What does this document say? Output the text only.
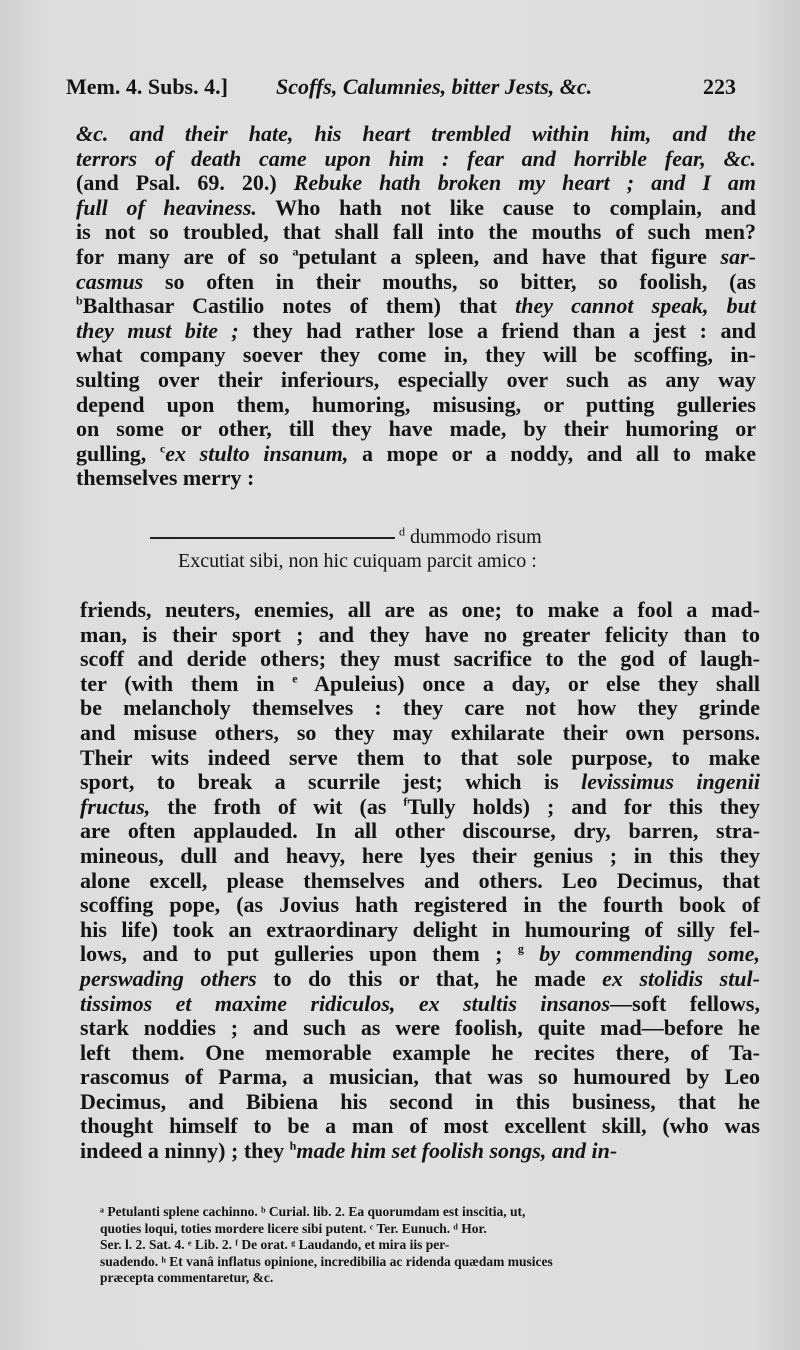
Mem. 4. Subs. 4.] Scoffs, Calumnies, bitter Jests, &c.	223
&c. and their hate, his heart trembled within him, and the
terrors of death came upon him : fear and horrible fear, &c.
(and Psal. 69. 20.) Rebuke hath broken my heart ; and I am
full of heaviness. Who hath not like cause to complain, and
is not so troubled, that shall fall into the mouths of such men?
for many are of so $^a$petulant a spleen, and have that figure sar-
casmus so often in their mouths, so bitter, so foolish, (as
$^b$Balthasar Castilio notes of them) that they cannot speak, but
they must bite ; they had rather lose a friend than a jest : and
what company soever they come in, they will be scoffing, in-
sulting over their inferiours, especially over such as any way
depend upon them, humoring, misusing, or putting gulleries
on some or other, till they have made, by their humoring or
gulling, $^c$ex stulto insanum, a mope or a noddy, and all to make
themselves merry :
$^d$ dummodo risum
Excutiat sibi, non hic cuiquam parcit amico :
friends, neuters, enemies, all are as one; to make a fool a mad-
man, is their sport ; and they have no greater felicity than to
scoff and deride others; they must sacrifice to the god of laugh-
ter (with them in $^e$ Apuleius) once a day, or else they shall
be melancholy themselves : they care not how they grinde
and misuse others, so they may exhilarate their own persons.
Their wits indeed serve them to that sole purpose, to make
sport, to break a scurrile jest; which is levissimus ingenii
fructus, the froth of wit (as $^f$Tully holds) ; and for this they
are often applauded. In all other discourse, dry, barren, stra-
mineous, dull and heavy, here lyes their genius ; in this they
alone excell, please themselves and others. Leo Decimus, that
scoffing pope, (as Jovius hath registered in the fourth book of
his life) took an extraordinary delight in humouring of silly fel-
lows, and to put gulleries upon them ; $^g$ by commending some,
perswading others to do this or that, he made ex stolidis stul-
tissimos et maxime ridiculos, ex stultis insanos—soft fellows,
stark noddies ; and such as were foolish, quite mad—before he
left them. One memorable example he recites there, of Ta-
rascomus of Parma, a musician, that was so humoured by Leo
Decimus, and Bibiena his second in this business, that he
thought himself to be a man of most excellent skill, (who was
indeed a ninny) ; they $^h$made him set foolish songs, and in-
ᵃ Petulanti splene cachinno. ᵇ Curial. lib. 2. Ea quorumdam est inscitia, ut,
quoties loqui, toties mordere licere sibi putent. ᶜ Ter. Eunuch. ᵈ Hor.
Ser. l. 2. Sat. 4. ᵉ Lib. 2. ᶠ De orat. ᵍ Laudando, et mira iis per-
suadendo. ʰ Et vanâ inflatus opinione, incredibilia ac ridenda quædam musices
præcepta commentaretur, &c.
